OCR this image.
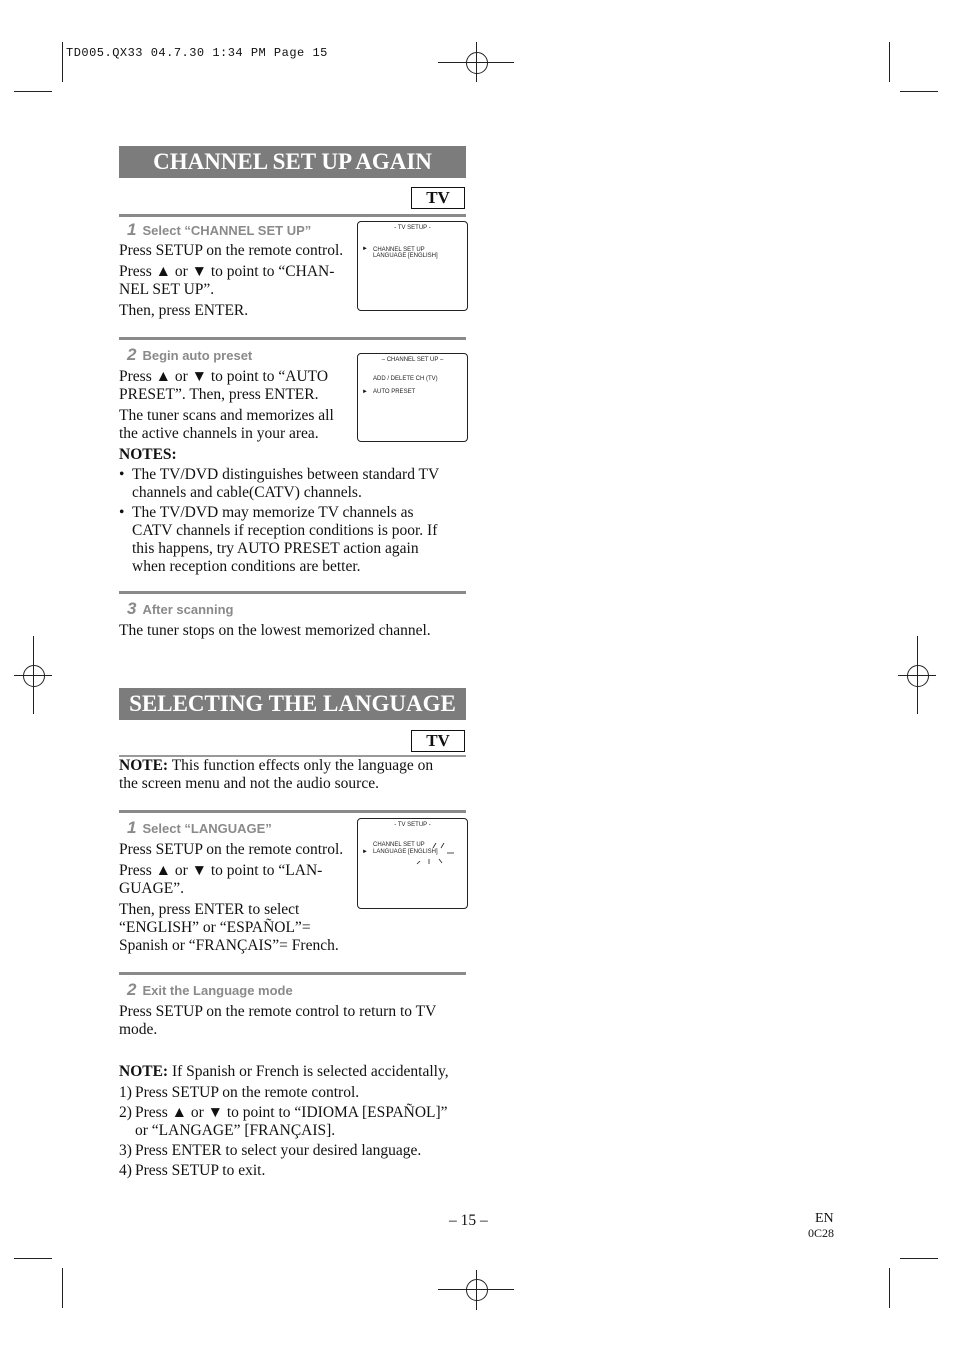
TD005.QX33 04.7.30 1:34 PM Page 15
CHANNEL SET UP AGAIN
TV
1 Select “CHANNEL SET UP”
Press SETUP on the remote control.
Press ▲ or ▼ to point to “CHAN-
NEL SET UP”.
Then, press ENTER.
- TV SETUP -
► CHANNEL SET UP
LANGUAGE [ENGLISH]
2 Begin auto preset
Press ▲ or ▼ to point to “AUTO
PRESET”. Then, press ENTER.
The tuner scans and memorizes all
the active channels in your area.
– CHANNEL SET UP –
ADD / DELETE CH (TV)
► AUTO PRESET
NOTES:
• The TV/DVD distinguishes between standard TV
channels and cable(CATV) channels.
• The TV/DVD may memorize TV channels as
CATV channels if reception conditions is poor. If
this happens, try AUTO PRESET action again
when reception conditions are better.
3 After scanning
The tuner stops on the lowest memorized channel.
SELECTING THE LANGUAGE
TV
NOTE: This function effects only the language on
the screen menu and not the audio source.
1 Select “LANGUAGE”
Press SETUP on the remote control.
Press ▲ or ▼ to point to “LAN-
GUAGE”.
Then, press ENTER to select
“ENGLISH” or “ESPAÑOL”=
Spanish or “FRANÇAIS”= French.
- TV SETUP -
CHANNEL SET UP
► LANGUAGE [ENGLISH]
2 Exit the Language mode
Press SETUP on the remote control to return to TV
mode.
NOTE: If Spanish or French is selected accidentally,
1) Press SETUP on the remote control.
2) Press ▲ or ▼ to point to “IDIOMA [ESPAÑOL]”
or “LANGAGE” [FRANÇAIS].
3) Press ENTER to select your desired language.
4) Press SETUP to exit.
– 15 –	EN
0C28
